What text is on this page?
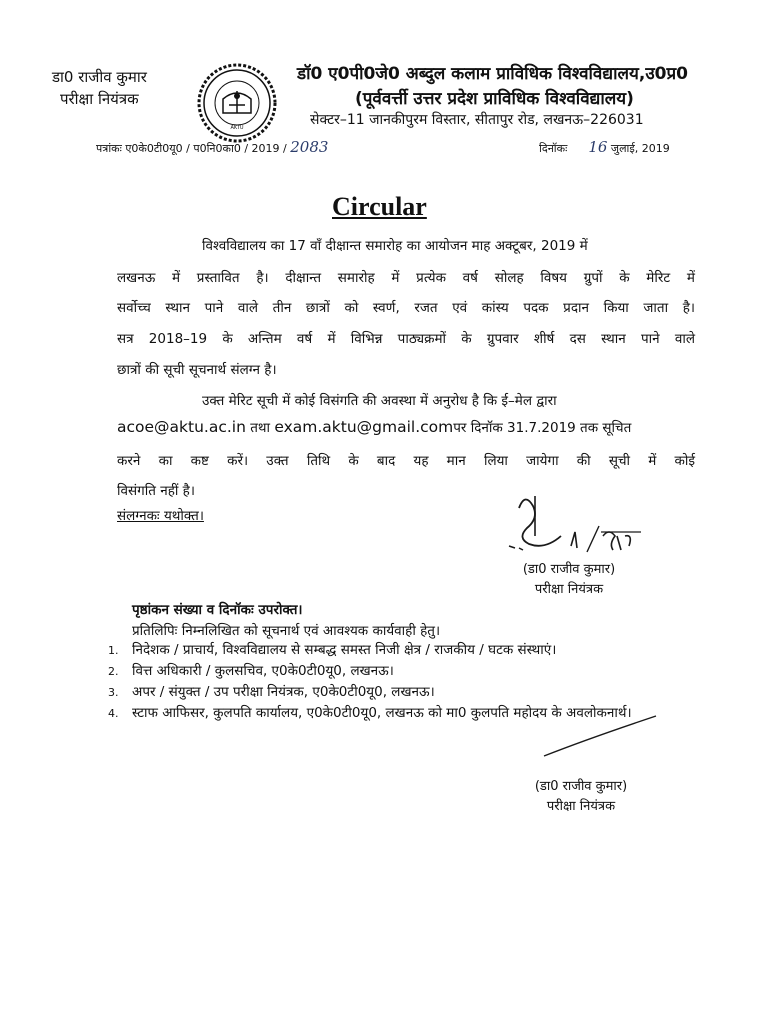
डा0 राजीव कुमार
परीक्षा नियंत्रक
AKTU
डॉ0 ए0पी0जे0 अब्दुल कलाम प्राविधिक विश्वविद्यालय,उ0प्र0
(पूर्ववर्त्ती उत्तर प्रदेश प्राविधिक विश्वविद्यालय)
सेक्टर–11 जानकीपुरम विस्तार, सीतापुर रोड, लखनऊ–226031
पत्रांकः ए0के0टी0यू0 / प0नि0का0 / 2019 / 2083	दिनॉकः 16 जुलाई, 2019
Circular
विश्वविद्यालय का 17 वॉं दीक्षान्त समारोह का आयोजन माह अक्टूबर, 2019 में
लखनऊ में प्रस्तावित है। दीक्षान्त समारोह में प्रत्येक वर्ष सोलह विषय ग्रुपों के मेरिट में
सर्वोच्च स्थान पाने वाले तीन छात्रों को स्वर्ण, रजत एवं कांस्य पदक प्रदान किया जाता है।
सत्र 2018–19 के अन्तिम वर्ष में विभिन्न पाठ्यक्रमों के ग्रुपवार शीर्ष दस स्थान पाने वाले
छात्रों की सूची सूचनार्थ संलग्न है।
उक्त मेरिट सूची में कोई विसंगति की अवस्था में अनुरोध है कि ई–मेल द्वारा
acoe@aktu.ac.in तथा exam.aktu@gmail.comपर दिनॉक 31.7.2019 तक सूचित
करने का कष्ट करें। उक्त तिथि के बाद यह मान लिया जायेगा की सूची में कोई
विसंगति नहीं है।
संलग्नकः यथोक्त।
(डा0 राजीव कुमार)
परीक्षा नियंत्रक
पृष्ठांकन संख्या व दिनॉकः उपरोक्त।
प्रतिलिपिः निम्नलिखित को सूचनार्थ एवं आवश्यक कार्यवाही हेतु।
1. निदेशक / प्राचार्य, विश्वविद्यालय से सम्बद्ध समस्त निजी क्षेत्र / राजकीय / घटक संस्थाएं।
2. वित्त अधिकारी / कुलसचिव, ए0के0टी0यू0, लखनऊ।
3. अपर / संयुक्त / उप परीक्षा नियंत्रक, ए0के0टी0यू0, लखनऊ।
4. स्टाफ आफिसर, कुलपति कार्यालय, ए0के0टी0यू0, लखनऊ को मा0 कुलपति महोदय के अवलोकनार्थ।
(डा0 राजीव कुमार)
परीक्षा नियंत्रक
